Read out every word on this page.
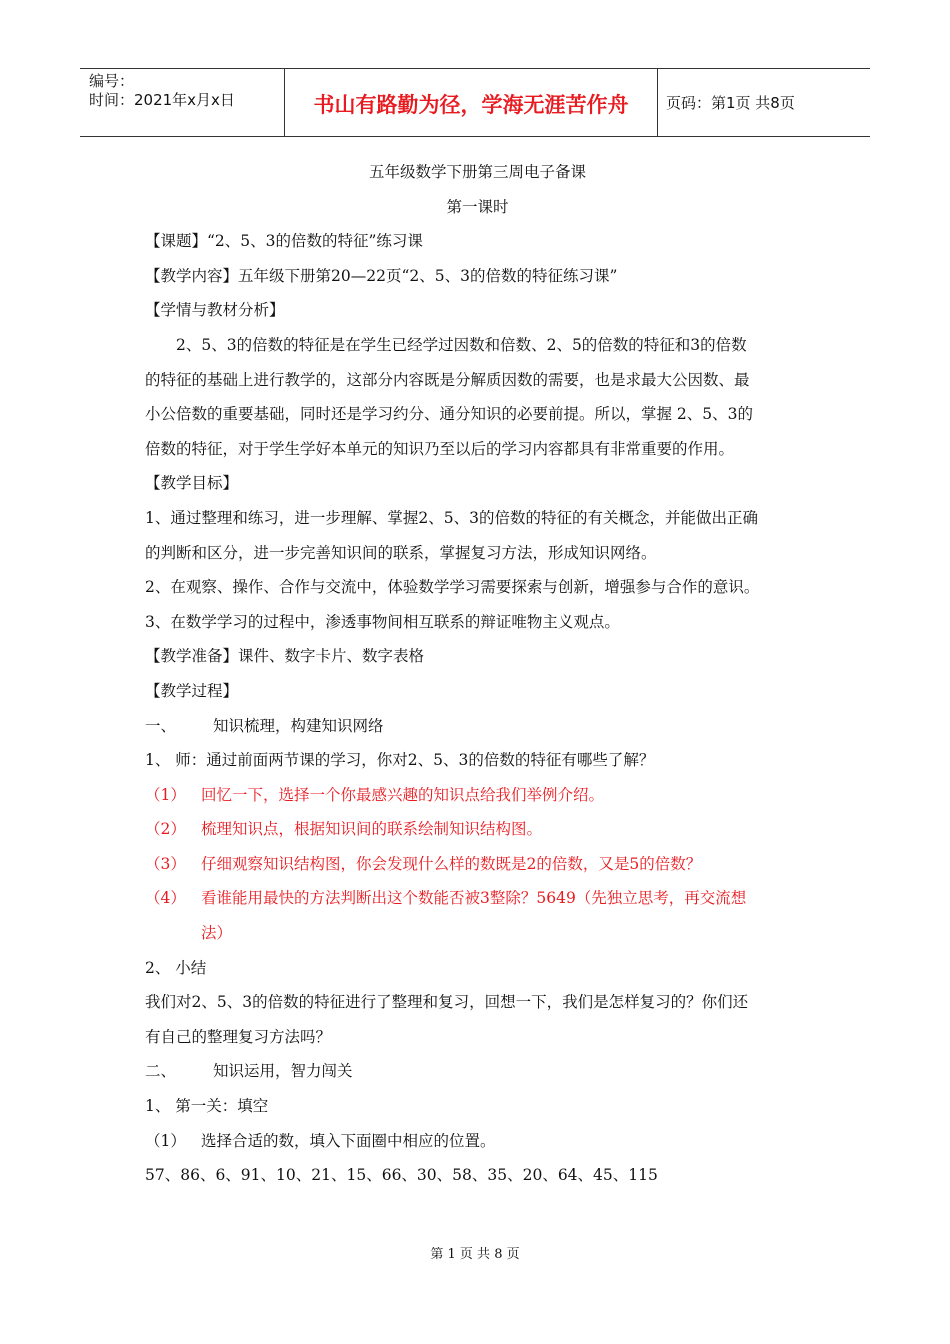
编号：
时间：2021年x月x日	书山有路勤为径，学海无涯苦作舟	页码：第1页 共8页
五年级数学下册第三周电子备课
第一课时
【课题】“2、5、3的倍数的特征”练习课
【教学内容】五年级下册第20—22页“2、5、3的倍数的特征练习课”
【学情与教材分析】
2、5、3的倍数的特征是在学生已经学过因数和倍数、2、5的倍数的特征和3的倍数
的特征的基础上进行教学的，这部分内容既是分解质因数的需要，也是求最大公因数、最
小公倍数的重要基础，同时还是学习约分、通分知识的必要前提。所以，掌握 2、5、3的
倍数的特征，对于学生学好本单元的知识乃至以后的学习内容都具有非常重要的作用。
【教学目标】
1、通过整理和练习，进一步理解、掌握2、5、3的倍数的特征的有关概念，并能做出正确
的判断和区分，进一步完善知识间的联系，掌握复习方法，形成知识网络。
2、在观察、操作、合作与交流中，体验数学学习需要探索与创新，增强参与合作的意识。
3、在数学学习的过程中，渗透事物间相互联系的辩证唯物主义观点。
【教学准备】课件、数字卡片、数字表格
【教学过程】
一、 知识梳理，构建知识网络
1、 师：通过前面两节课的学习，你对2、5、3的倍数的特征有哪些了解？
（1） 回忆一下，选择一个你最感兴趣的知识点给我们举例介绍。
（2） 梳理知识点，根据知识间的联系绘制知识结构图。
（3） 仔细观察知识结构图，你会发现什么样的数既是2的倍数，又是5的倍数？
（4） 看谁能用最快的方法判断出这个数能否被3整除？5649（先独立思考，再交流想
法）
2、 小结
我们对2、5、3的倍数的特征进行了整理和复习，回想一下，我们是怎样复习的？你们还
有自己的整理复习方法吗？
二、 知识运用，智力闯关
1、 第一关：填空
（1） 选择合适的数，填入下面圈中相应的位置。
57、86、6、91、10、21、15、66、30、58、35、20、64、45、115
第 1 页 共 8 页
